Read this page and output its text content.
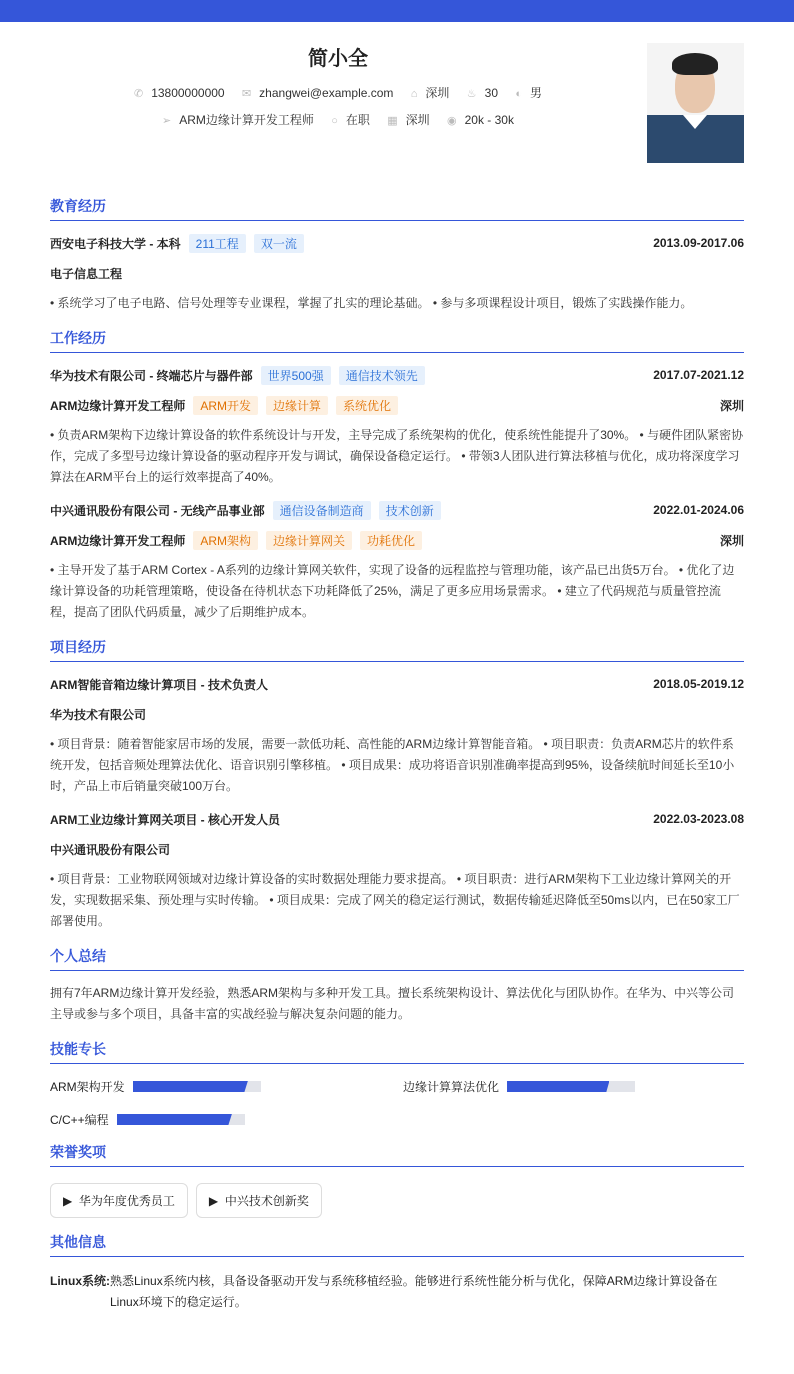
简小全
✆ 13800000000 ✉ zhangwei@example.com ⌂ 深圳 ♨ 30 ◐ 男
➢ ARM边缘计算开发工程师 ○ 在职 ▦ 深圳 ◉ 20k - 30k
教育经历
西安电子科技大学 - 本科	211工程	双一流	2013.09-2017.06
电子信息工程
• 系统学习了电子电路、信号处理等专业课程，掌握了扎实的理论基础。 • 参与多项课程设计项目，锻炼了实践操作能力。
工作经历
华为技术有限公司 - 终端芯片与器件部	世界500强	通信技术领先	2017.07-2021.12
ARM边缘计算开发工程师	ARM开发	边缘计算	系统优化	深圳
• 负责ARM架构下边缘计算设备的软件系统设计与开发，主导完成了系统架构的优化，使系统性能提升了30%。 • 与硬件团队紧密协作，完成了多型号边缘计算设备的驱动程序开发与调试，确保设备稳定运行。 • 带领3人团队进行算法移植与优化，成功将深度学习算法在ARM平台上的运行效率提高了40%。
中兴通讯股份有限公司 - 无线产品事业部	通信设备制造商	技术创新	2022.01-2024.06
ARM边缘计算开发工程师	ARM架构	边缘计算网关	功耗优化	深圳
• 主导开发了基于ARM Cortex - A系列的边缘计算网关软件，实现了设备的远程监控与管理功能，该产品已出货5万台。 • 优化了边缘计算设备的功耗管理策略，使设备在待机状态下功耗降低了25%，满足了更多应用场景需求。 • 建立了代码规范与质量管控流程，提高了团队代码质量，减少了后期维护成本。
项目经历
ARM智能音箱边缘计算项目 - 技术负责人	2018.05-2019.12
华为技术有限公司
• 项目背景：随着智能家居市场的发展，需要一款低功耗、高性能的ARM边缘计算智能音箱。 • 项目职责：负责ARM芯片的软件系统开发，包括音频处理算法优化、语音识别引擎移植。 • 项目成果：成功将语音识别准确率提高到95%，设备续航时间延长至10小时，产品上市后销量突破100万台。
ARM工业边缘计算网关项目 - 核心开发人员	2022.03-2023.08
中兴通讯股份有限公司
• 项目背景：工业物联网领域对边缘计算设备的实时数据处理能力要求提高。 • 项目职责：进行ARM架构下工业边缘计算网关的开发，实现数据采集、预处理与实时传输。 • 项目成果：完成了网关的稳定运行测试，数据传输延迟降低至50ms以内，已在50家工厂部署使用。
个人总结
拥有7年ARM边缘计算开发经验，熟悉ARM架构与多种开发工具。擅长系统架构设计、算法优化与团队协作。在华为、中兴等公司主导或参与多个项目，具备丰富的实战经验与解决复杂问题的能力。
技能专长
ARM架构开发	边缘计算算法优化
C/C++编程
荣誉奖项
▶  华为年度优秀员工	▶  中兴技术创新奖
其他信息
Linux系统: 熟悉Linux系统内核，具备设备驱动开发与系统移植经验。能够进行系统性能分析与优化，保障ARM边缘计算设备在Linux环境下的稳定运行。
